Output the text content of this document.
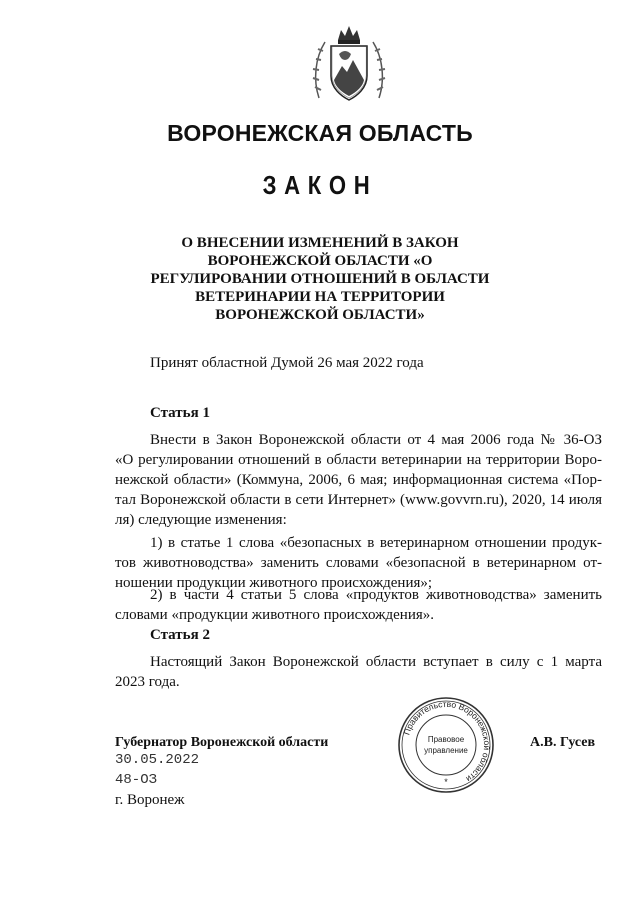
ВОРОНЕЖСКАЯ ОБЛАСТЬ
ЗАКОН
О ВНЕСЕНИИ ИЗМЕНЕНИЙ В ЗАКОН
ВОРОНЕЖСКОЙ ОБЛАСТИ «О
РЕГУЛИРОВАНИИ ОТНОШЕНИЙ В ОБЛАСТИ
ВЕТЕРИНАРИИ НА ТЕРРИТОРИИ
ВОРОНЕЖСКОЙ ОБЛАСТИ»
Принят областной Думой 26 мая 2022 года
Статья 1
Внести в Закон Воронежской области от 4 мая 2006 года № 36-ОЗ
«О регулировании отношений в области ветеринарии на территории Воро-
нежской области» (Коммуна, 2006, 6 мая; информационная система «Пор-
тал Воронежской области в сети Интернет» (www.govvrn.ru), 2020, 14 июля
ля) следующие изменения:
1) в статье 1 слова «безопасных в ветеринарном отношении продук-
тов животноводства» заменить словами «безопасной в ветеринарном от-
ношении продукции животного происхождения»;
2) в части 4 статьи 5 слова «продуктов животноводства» заменить
словами «продукции животного происхождения».
Статья 2
Настоящий Закон Воронежской области вступает в силу с 1 марта
2023 года.
Правительство Воронежской области
Правовое
управление
*
Губернатор Воронежской области	А.В. Гусев
30.05.2022
48-ОЗ
г. Воронеж
